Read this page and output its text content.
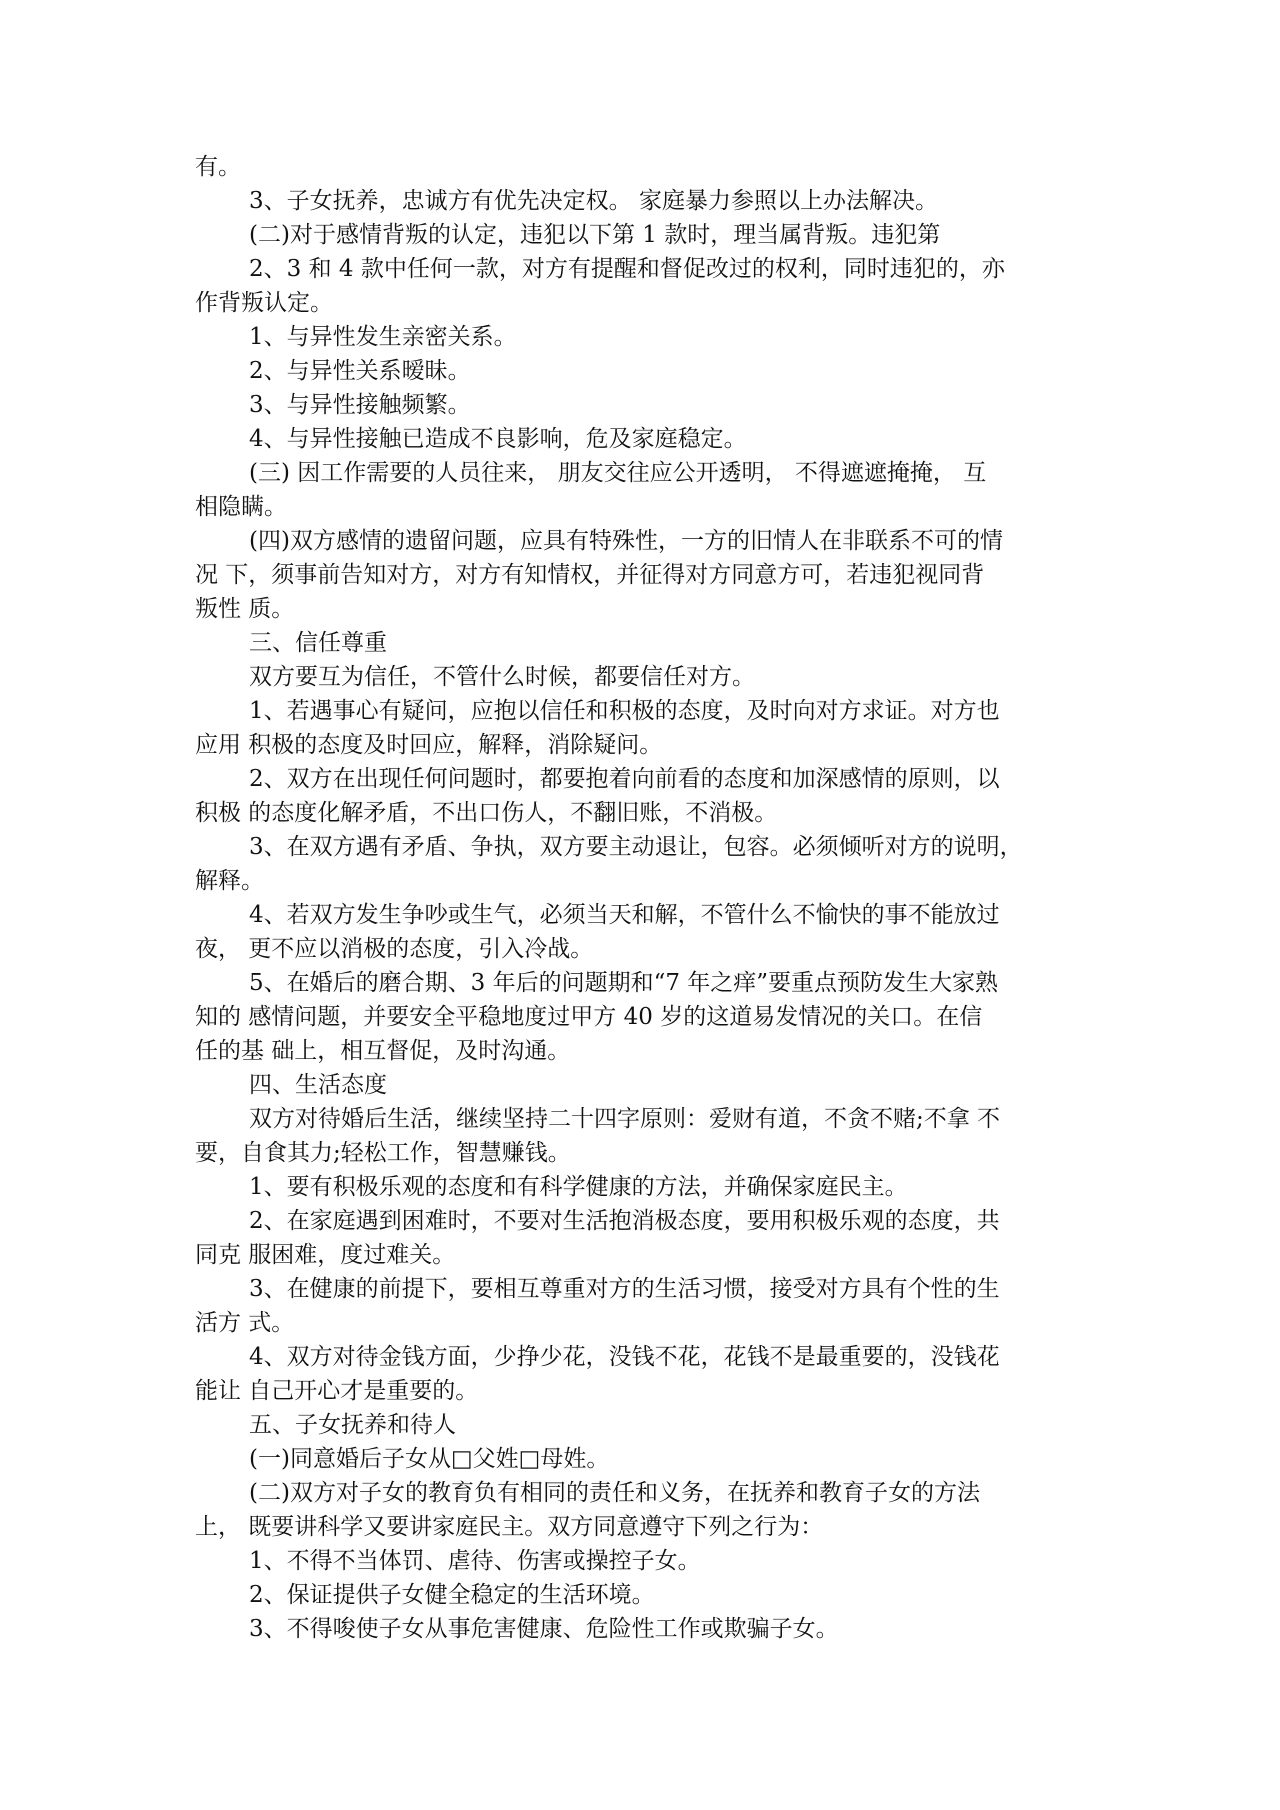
有。

3、子女抚养，忠诚方有优先决定权。 家庭暴力参照以上办法解决。

(二)对于感情背叛的认定，违犯以下第 1 款时，理当属背叛。违犯第

2、3 和 4 款中任何一款，对方有提醒和督促改过的权利，同时违犯的，亦
作背叛认定。

1、与异性发生亲密关系。

2、与异性关系暧昧。

3、与异性接触频繁。

4、与异性接触已造成不良影响，危及家庭稳定。

(三) 因工作需要的人员往来， 朋友交往应公开透明， 不得遮遮掩掩， 互
相隐瞒。

(四)双方感情的遗留问题，应具有特殊性，一方的旧情人在非联系不可的情
况 下，须事前告知对方，对方有知情权，并征得对方同意方可，若违犯视同背
叛性 质。

三、信任尊重

双方要互为信任，不管什么时候，都要信任对方。

1、若遇事心有疑问，应抱以信任和积极的态度，及时向对方求证。对方也
应用 积极的态度及时回应，解释，消除疑问。

2、双方在出现任何问题时，都要抱着向前看的态度和加深感情的原则，以
积极 的态度化解矛盾，不出口伤人，不翻旧账，不消极。

3、在双方遇有矛盾、争执，双方要主动退让，包容。必须倾听对方的说明，
解释。

4、若双方发生争吵或生气，必须当天和解，不管什么不愉快的事不能放过
夜， 更不应以消极的态度，引入冷战。

5、在婚后的磨合期、3 年后的问题期和“7 年之痒”要重点预防发生大家熟
知的 感情问题，并要安全平稳地度过甲方 40 岁的这道易发情况的关口。在信
任的基 础上，相互督促，及时沟通。

四、生活态度

双方对待婚后生活，继续坚持二十四字原则：爱财有道，不贪不赌;不拿 不
要，自食其力;轻松工作，智慧赚钱。

1、要有积极乐观的态度和有科学健康的方法，并确保家庭民主。

2、在家庭遇到困难时，不要对生活抱消极态度，要用积极乐观的态度，共
同克 服困难，度过难关。

3、在健康的前提下，要相互尊重对方的生活习惯，接受对方具有个性的生
活方 式。

4、双方对待金钱方面，少挣少花，没钱不花，花钱不是最重要的，没钱花
能让 自己开心才是重要的。

五、子女抚养和待人

(一)同意婚后子女从□父姓□母姓。

(二)双方对子女的教育负有相同的责任和义务，在抚养和教育子女的方法
上， 既要讲科学又要讲家庭民主。双方同意遵守下列之行为：

1、不得不当体罚、虐待、伤害或操控子女。

2、保证提供子女健全稳定的生活环境。

3、不得唆使子女从事危害健康、危险性工作或欺骗子女。
